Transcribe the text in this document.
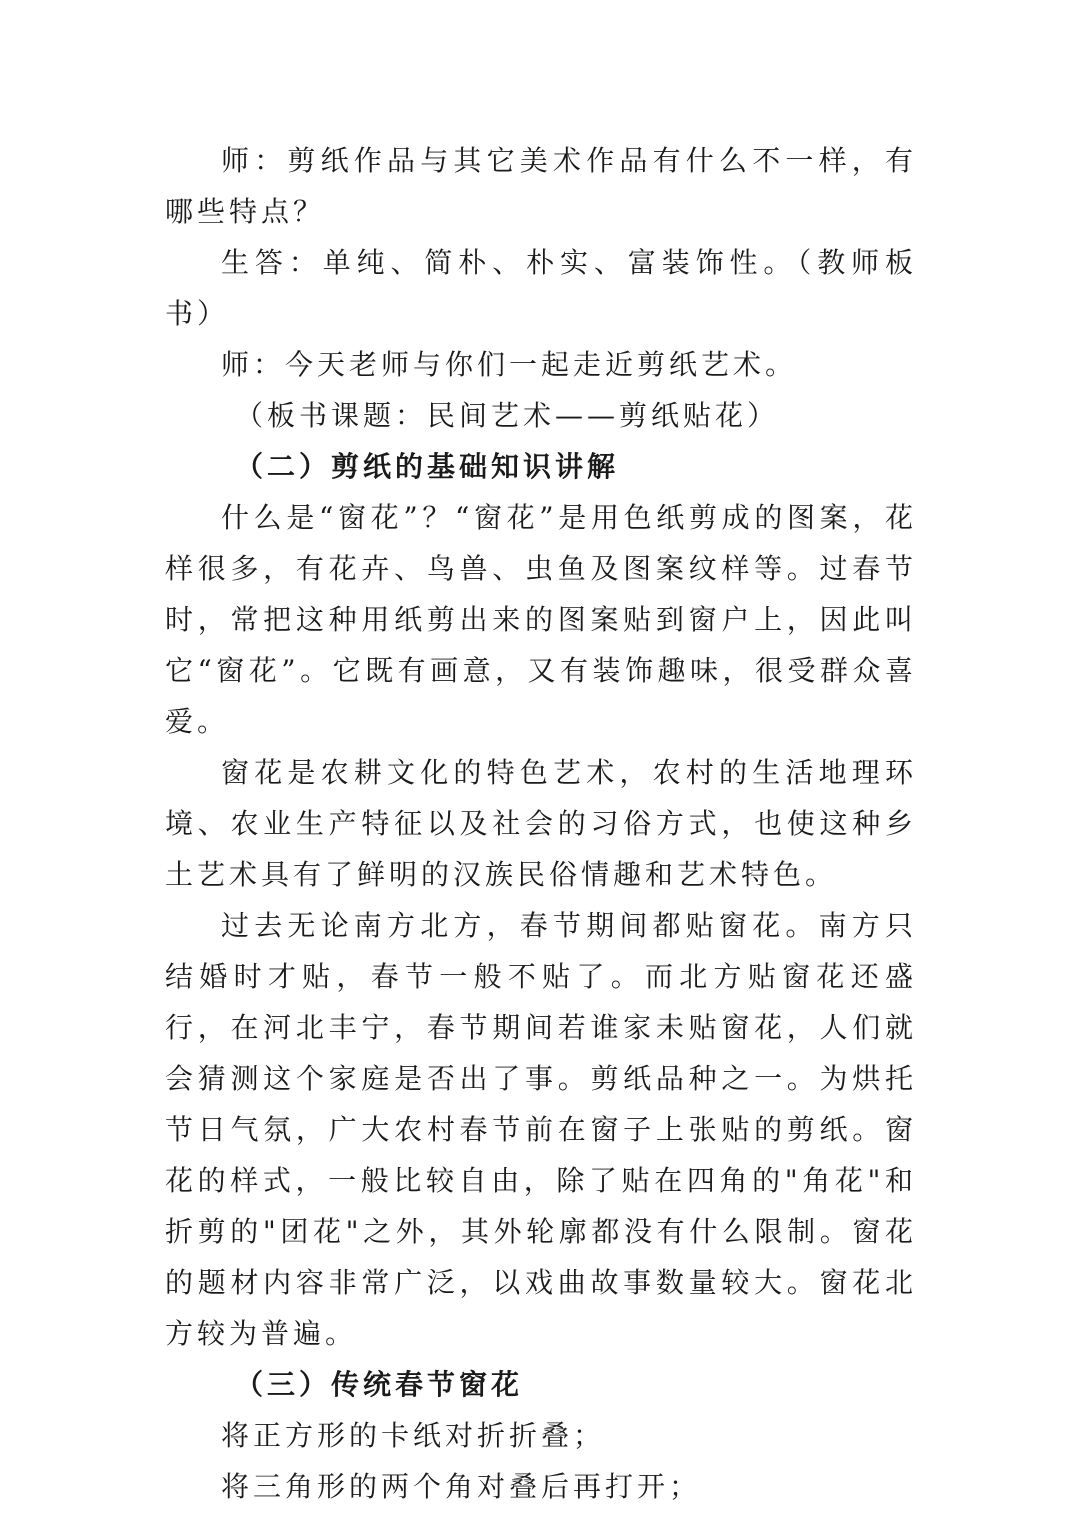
师：剪纸作品与其它美术作品有什么不一样，有哪些特点？

生答：单纯、简朴、朴实、富装饰性。（教师板书）

师：今天老师与你们一起走近剪纸艺术。

（板书课题：民间艺术——剪纸贴花）

（二）剪纸的基础知识讲解

什么是“窗花”？“窗花”是用色纸剪成的图案，花样很多，有花卉、鸟兽、虫鱼及图案纹样等。过春节时，常把这种用纸剪出来的图案贴到窗户上，因此叫它“窗花”。它既有画意，又有装饰趣味，很受群众喜爱。

窗花是农耕文化的特色艺术，农村的生活地理环境、农业生产特征以及社会的习俗方式，也使这种乡土艺术具有了鲜明的汉族民俗情趣和艺术特色。

过去无论南方北方，春节期间都贴窗花。南方只结婚时才贴，春节一般不贴了。而北方贴窗花还盛行，在河北丰宁，春节期间若谁家未贴窗花，人们就会猜测这个家庭是否出了事。剪纸品种之一。为烘托节日气氛，广大农村春节前在窗子上张贴的剪纸。窗花的样式，一般比较自由，除了贴在四角的"角花"和折剪的"团花"之外，其外轮廓都没有什么限制。窗花的题材内容非常广泛，以戏曲故事数量较大。窗花北方较为普遍。

（三）传统春节窗花

将正方形的卡纸对折折叠；

将三角形的两个角对叠后再打开；
